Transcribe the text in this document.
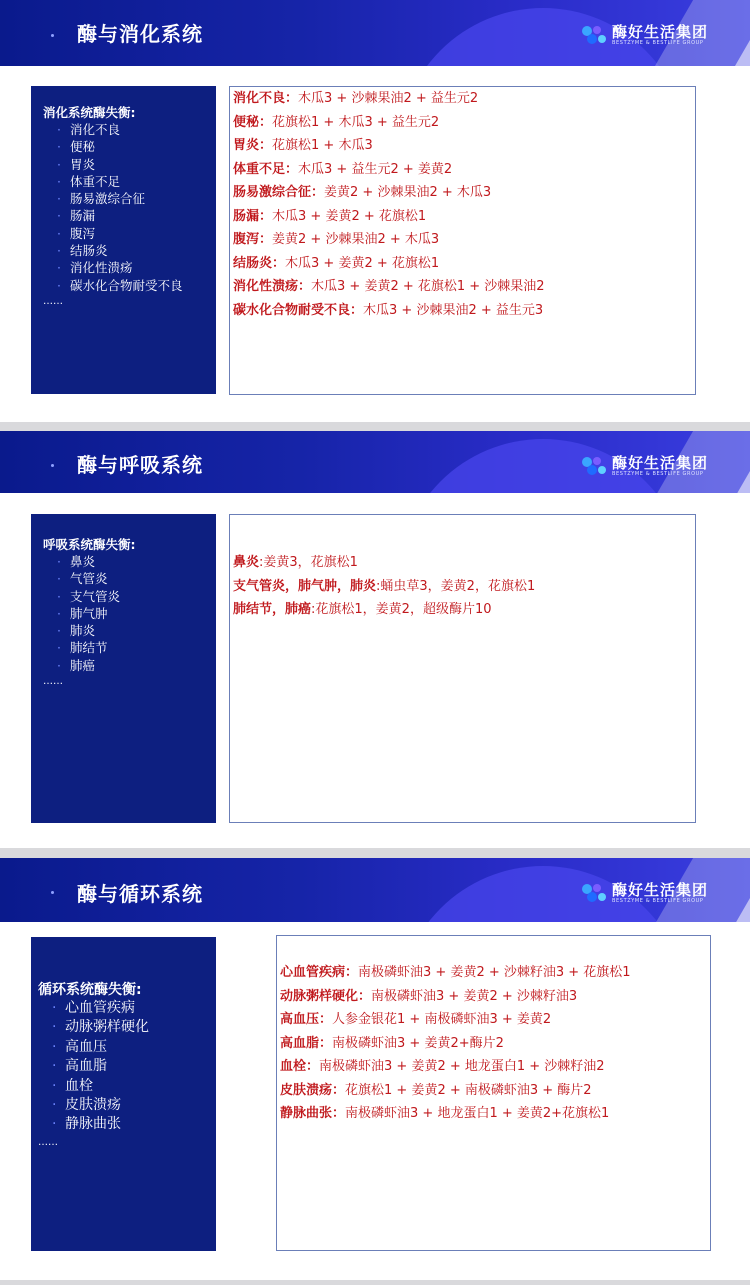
酶与消化系统	酶好生活集团
BESTZYME & BESTLIFE GROUP
消化系统酶失衡:
· 消化不良
· 便秘
· 胃炎
· 体重不足
· 肠易激综合征
· 肠漏
· 腹泻
· 结肠炎
· 消化性溃疡
· 碳水化合物耐受不良
……
消化不良：木瓜3 + 沙棘果油2 + 益生元2
便秘：花旗松1 + 木瓜3 + 益生元2
胃炎：花旗松1 + 木瓜3
体重不足：木瓜3 + 益生元2 + 姜黄2
肠易激综合征：姜黄2 + 沙棘果油2 + 木瓜3
肠漏：木瓜3 + 姜黄2 + 花旗松1
腹泻：姜黄2 + 沙棘果油2 + 木瓜3
结肠炎：木瓜3 + 姜黄2 + 花旗松1
消化性溃疡：木瓜3 + 姜黄2 + 花旗松1 + 沙棘果油2
碳水化合物耐受不良：木瓜3 + 沙棘果油2 + 益生元3
酶与呼吸系统	酶好生活集团
BESTZYME & BESTLIFE GROUP
呼吸系统酶失衡:
· 鼻炎
· 气管炎
· 支气管炎
· 肺气肿
· 肺炎
· 肺结节
· 肺癌
……
鼻炎:姜黄3，花旗松1
支气管炎，肺气肿，肺炎:蛹虫草3，姜黄2，花旗松1
肺结节，肺癌:花旗松1，姜黄2，超级酶片10
酶与循环系统	酶好生活集团
BESTZYME & BESTLIFE GROUP
循环系统酶失衡:
· 心血管疾病
· 动脉粥样硬化
· 高血压
· 高血脂
· 血栓
· 皮肤溃疡
· 静脉曲张
……
心血管疾病：南极磷虾油3 + 姜黄2 + 沙棘籽油3 + 花旗松1
动脉粥样硬化：南极磷虾油3 + 姜黄2 + 沙棘籽油3
高血压：人参金银花1 + 南极磷虾油3 + 姜黄2
高血脂：南极磷虾油3 + 姜黄2+酶片2
血栓：南极磷虾油3 + 姜黄2 + 地龙蛋白1 + 沙棘籽油2
皮肤溃疡：花旗松1 + 姜黄2 + 南极磷虾油3 + 酶片2
静脉曲张：南极磷虾油3 + 地龙蛋白1 + 姜黄2+花旗松1
